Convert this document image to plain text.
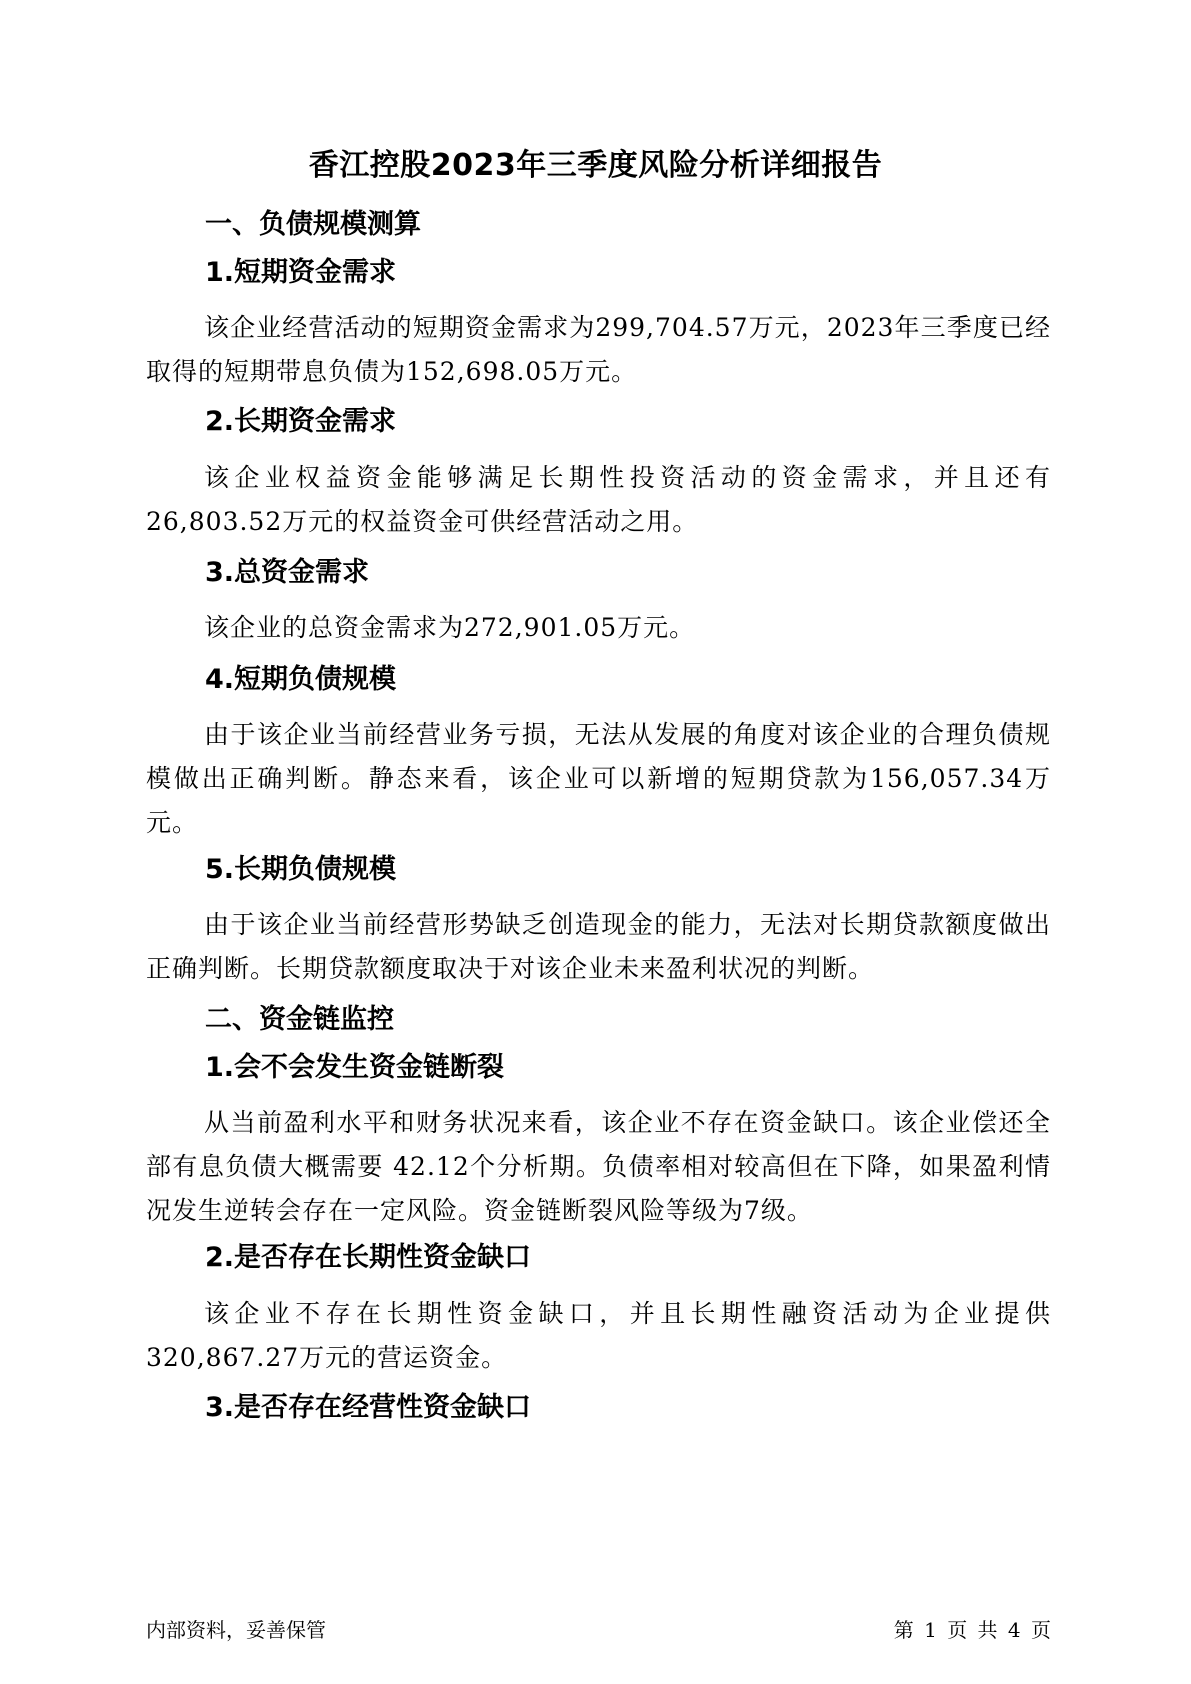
香江控股2023年三季度风险分析详细报告
一、负债规模测算
1.短期资金需求
该企业经营活动的短期资金需求为299,704.57万元，2023年三季度已经取得的短期带息负债为152,698.05万元。
2.长期资金需求
该企业权益资金能够满足长期性投资活动的资金需求，并且还有26,803.52万元的权益资金可供经营活动之用。
3.总资金需求
该企业的总资金需求为272,901.05万元。
4.短期负债规模
由于该企业当前经营业务亏损，无法从发展的角度对该企业的合理负债规模做出正确判断。静态来看，该企业可以新增的短期贷款为156,057.34万元。
5.长期负债规模
由于该企业当前经营形势缺乏创造现金的能力，无法对长期贷款额度做出正确判断。长期贷款额度取决于对该企业未来盈利状况的判断。
二、资金链监控
1.会不会发生资金链断裂
从当前盈利水平和财务状况来看，该企业不存在资金缺口。该企业偿还全部有息负债大概需要 42.12个分析期。负债率相对较高但在下降，如果盈利情况发生逆转会存在一定风险。资金链断裂风险等级为7级。
2.是否存在长期性资金缺口
该企业不存在长期性资金缺口，并且长期性融资活动为企业提供320,867.27万元的营运资金。
3.是否存在经营性资金缺口
内部资料，妥善保管	第 1 页 共 4 页
